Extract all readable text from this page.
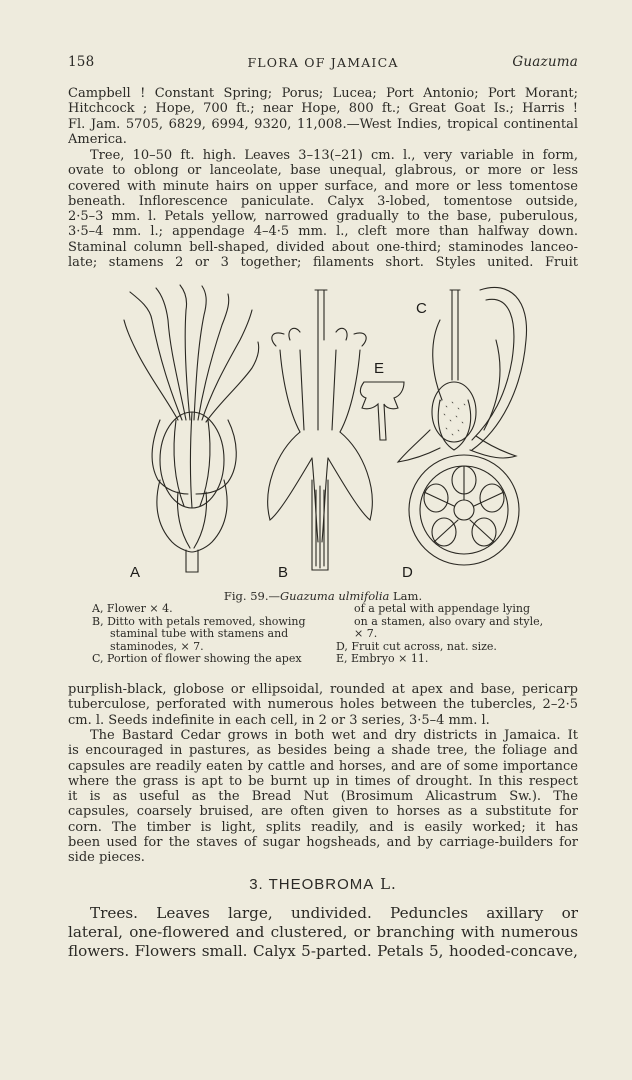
158	FLORA OF JAMAICA	Guazuma
Campbell ! Constant Spring; Porus; Lucea; Port Antonio; Port Morant;
Hitchcock ; Hope, 700 ft.; near Hope, 800 ft.; Great Goat Is.; Harris !
Fl. Jam. 5705, 6829, 6994, 9320, 11,008.—West Indies, tropical continental
America.
Tree, 10–50 ft. high. Leaves 3–13(–21) cm. l., very variable in form,
ovate to oblong or lanceolate, base unequal, glabrous, or more or less
covered with minute hairs on upper surface, and more or less tomentose
beneath. Inflorescence paniculate. Calyx 3-lobed, tomentose outside,
2·5–3 mm. l. Petals yellow, narrowed gradually to the base, puberulous,
3·5–4 mm. l.; appendage 4–4·5 mm. l., cleft more than halfway down.
Staminal column bell-shaped, divided about one-third; staminodes lanceo-
late; stamens 2 or 3 together; filaments short. Styles united. Fruit
A	B
C
D
E
Fig. 59.—Guazuma ulmifolia Lam.
A, Flower × 4.
B, Ditto with petals removed, showing
staminal tube with stamens and
staminodes, × 7.
C, Portion of flower showing the apex
of a petal with appendage lying
on a stamen, also ovary and style,
× 7.
D, Fruit cut across, nat. size.
E, Embryo × 11.
purplish-black, globose or ellipsoidal, rounded at apex and base, pericarp
tuberculose, perforated with numerous holes between the tubercles, 2–2·5
cm. l. Seeds indefinite in each cell, in 2 or 3 series, 3·5–4 mm. l.
The Bastard Cedar grows in both wet and dry districts in Jamaica. It
is encouraged in pastures, as besides being a shade tree, the foliage and
capsules are readily eaten by cattle and horses, and are of some importance
where the grass is apt to be burnt up in times of drought. In this respect
it is as useful as the Bread Nut (Brosimum Alicastrum Sw.). The
capsules, coarsely bruised, are often given to horses as a substitute for
corn. The timber is light, splits readily, and is easily worked; it has
been used for the staves of sugar hogsheads, and by carriage-builders for
side pieces.
3. THEOBROMA L.
Trees. Leaves large, undivided. Peduncles axillary or
lateral, one-flowered and clustered, or branching with numerous
flowers. Flowers small. Calyx 5-parted. Petals 5, hooded-concave,
